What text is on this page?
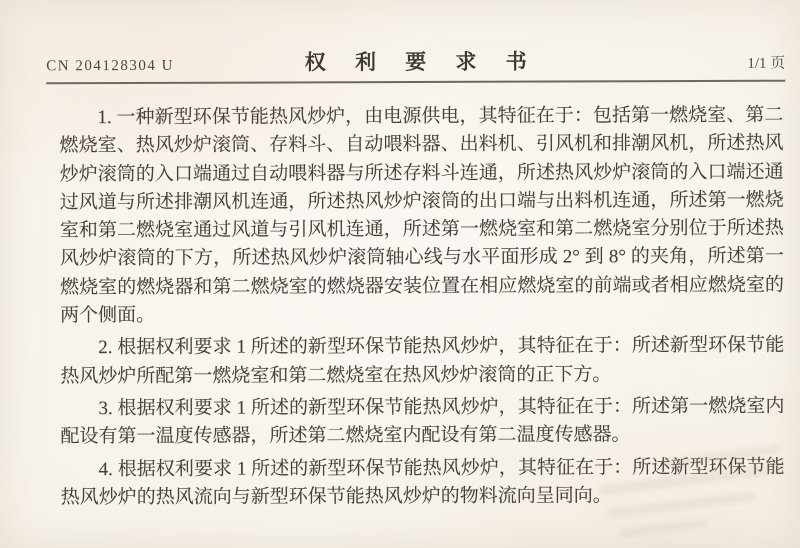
CN 204128304 U	权 利 要 求 书	1/1 页

1. 一种新型环保节能热风炒炉，由电源供电，其特征在于：包括第一燃烧室、第二燃烧室、热风炒炉滚筒、存料斗、自动喂料器、出料机、引风机和排潮风机，所述热风炒炉滚筒的入口端通过自动喂料器与所述存料斗连通，所述热风炒炉滚筒的入口端还通过风道与所述排潮风机连通，所述热风炒炉滚筒的出口端与出料机连通，所述第一燃烧室和第二燃烧室通过风道与引风机连通，所述第一燃烧室和第二燃烧室分别位于所述热风炒炉滚筒的下方，所述热风炒炉滚筒轴心线与水平面形成 2° 到 8° 的夹角，所述第一燃烧室的燃烧器和第二燃烧室的燃烧器安装位置在相应燃烧室的前端或者相应燃烧室的两个侧面。

2. 根据权利要求 1 所述的新型环保节能热风炒炉，其特征在于：所述新型环保节能热风炒炉所配第一燃烧室和第二燃烧室在热风炒炉滚筒的正下方。

3. 根据权利要求 1 所述的新型环保节能热风炒炉，其特征在于：所述第一燃烧室内配设有第一温度传感器，所述第二燃烧室内配设有第二温度传感器。

4. 根据权利要求 1 所述的新型环保节能热风炒炉，其特征在于：所述新型环保节能热风炒炉的热风流向与新型环保节能热风炒炉的物料流向呈同向。
